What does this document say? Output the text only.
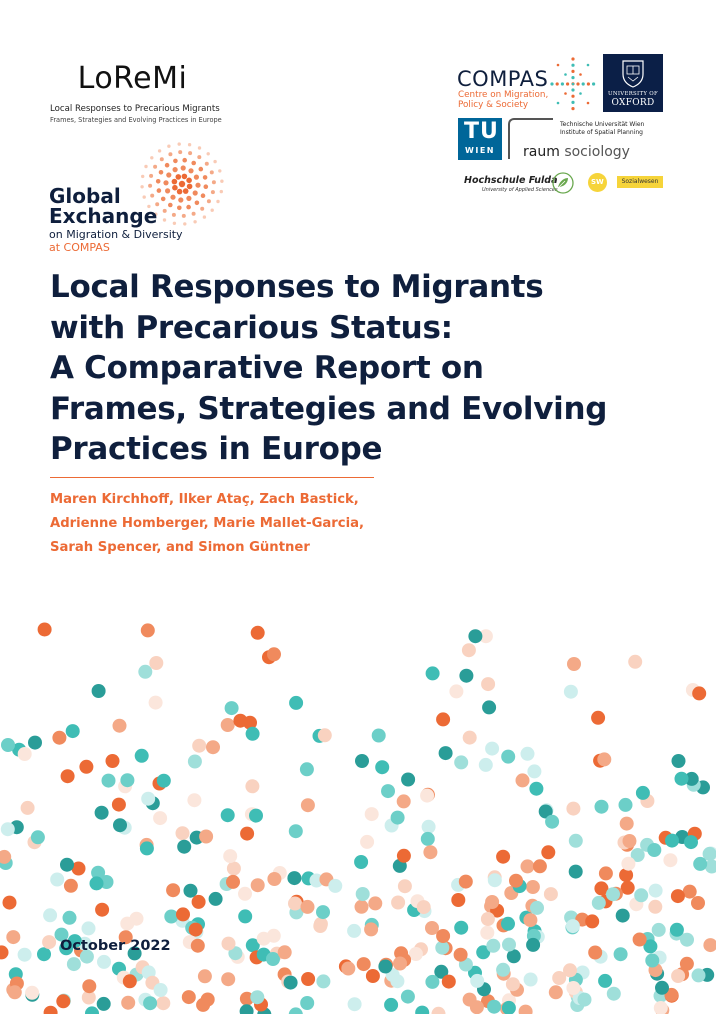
LoReMi
Local Responses to Precarious Migrants
Frames, Strategies and Evolving Practices in Europe
Global
Exchange
on Migration & Diversity
at COMPAS
COMPAS
Centre on Migration,
Policy & Society
UNIVERSITY OF
OXFORD
TU
WIEN
Technische Universität Wien
Institute of Spatial Planning
raum sociology
Hochschule Fulda
University of Applied Sciences
SW	Sozialwesen
Local Responses to Migrants
with Precarious Status:
A Comparative Report on
Frames, Strategies and Evolving
Practices in Europe
Maren Kirchhoff, Ilker Ataç, Zach Bastick,
Adrienne Homberger, Marie Mallet-Garcia,
Sarah Spencer, and Simon Güntner
October 2022
